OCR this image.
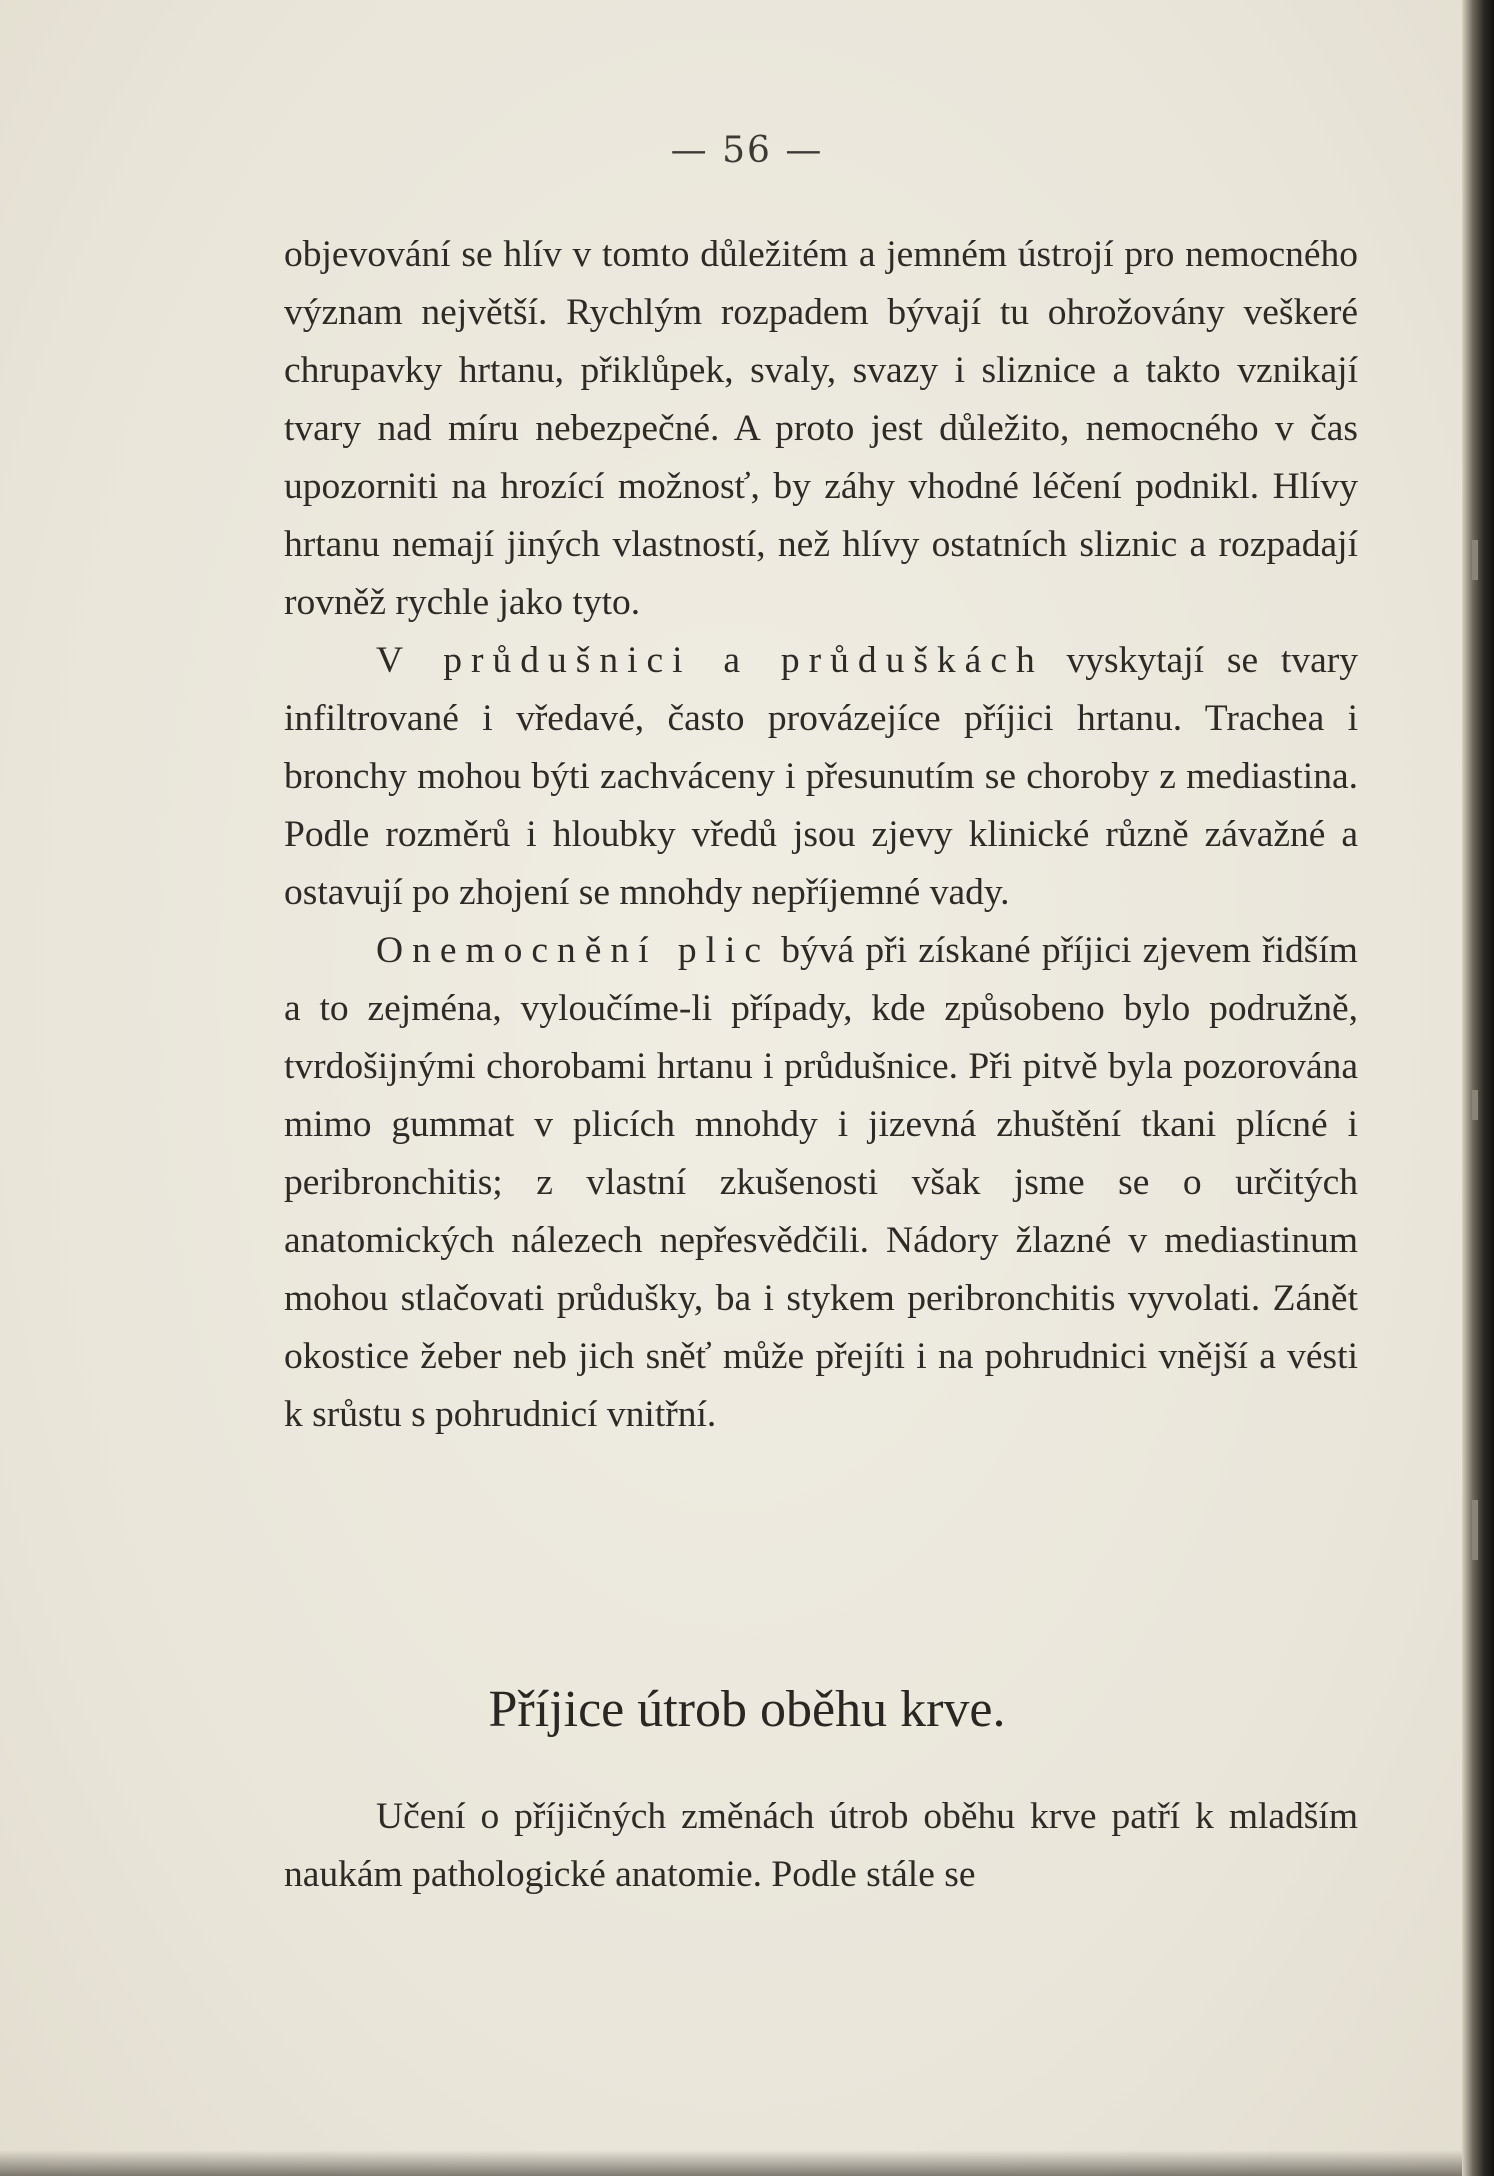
— 56 —

objevování se hlív v tomto důležitém a jemném ústrojí pro nemocného význam největší. Rychlým rozpadem bývají tu ohrožovány veškeré chrupavky hrtanu, přiklůpek, svaly, svazy i sliznice a takto vznikají tvary nad míru nebezpečné. A proto jest důležito, nemocného v čas upozorniti na hrozící možnosť, by záhy vhodné léčení podnikl. Hlívy hrtanu nemají jiných vlastností, než hlívy ostatních sliznic a rozpadají rovněž rychle jako tyto.

V průdušnici a průduškách vyskytají se tvary infiltrované i vředavé, často provázejíce příjici hrtanu. Trachea i bronchy mohou býti zachváceny i přesunutím se choroby z mediastina. Podle rozměrů i hloubky vředů jsou zjevy klinické různě závažné a ostavují po zhojení se mnohdy nepříjemné vady.

Onemocnění plic bývá při získané příjici zjevem řidším a to zejména, vyloučíme-li případy, kde způsobeno bylo podružně, tvrdošijnými chorobami hrtanu i průdušnice. Při pitvě byla pozorována mimo gummat v plicích mnohdy i jizevná zhuštění tkani plícné i peribronchitis; z vlastní zkušenosti však jsme se o určitých anatomických nálezech nepřesvědčili. Nádory žlazné v mediastinum mohou stlačovati průdušky, ba i stykem peribronchitis vyvolati. Zánět okostice žeber neb jich sněť může přejíti i na pohrudnici vnější a vésti k srůstu s pohrudnicí vnitřní.

Příjice útrob oběhu krve.

Učení o příjičných změnách útrob oběhu krve patří k mladším naukám pathologické anatomie. Podle stále se
